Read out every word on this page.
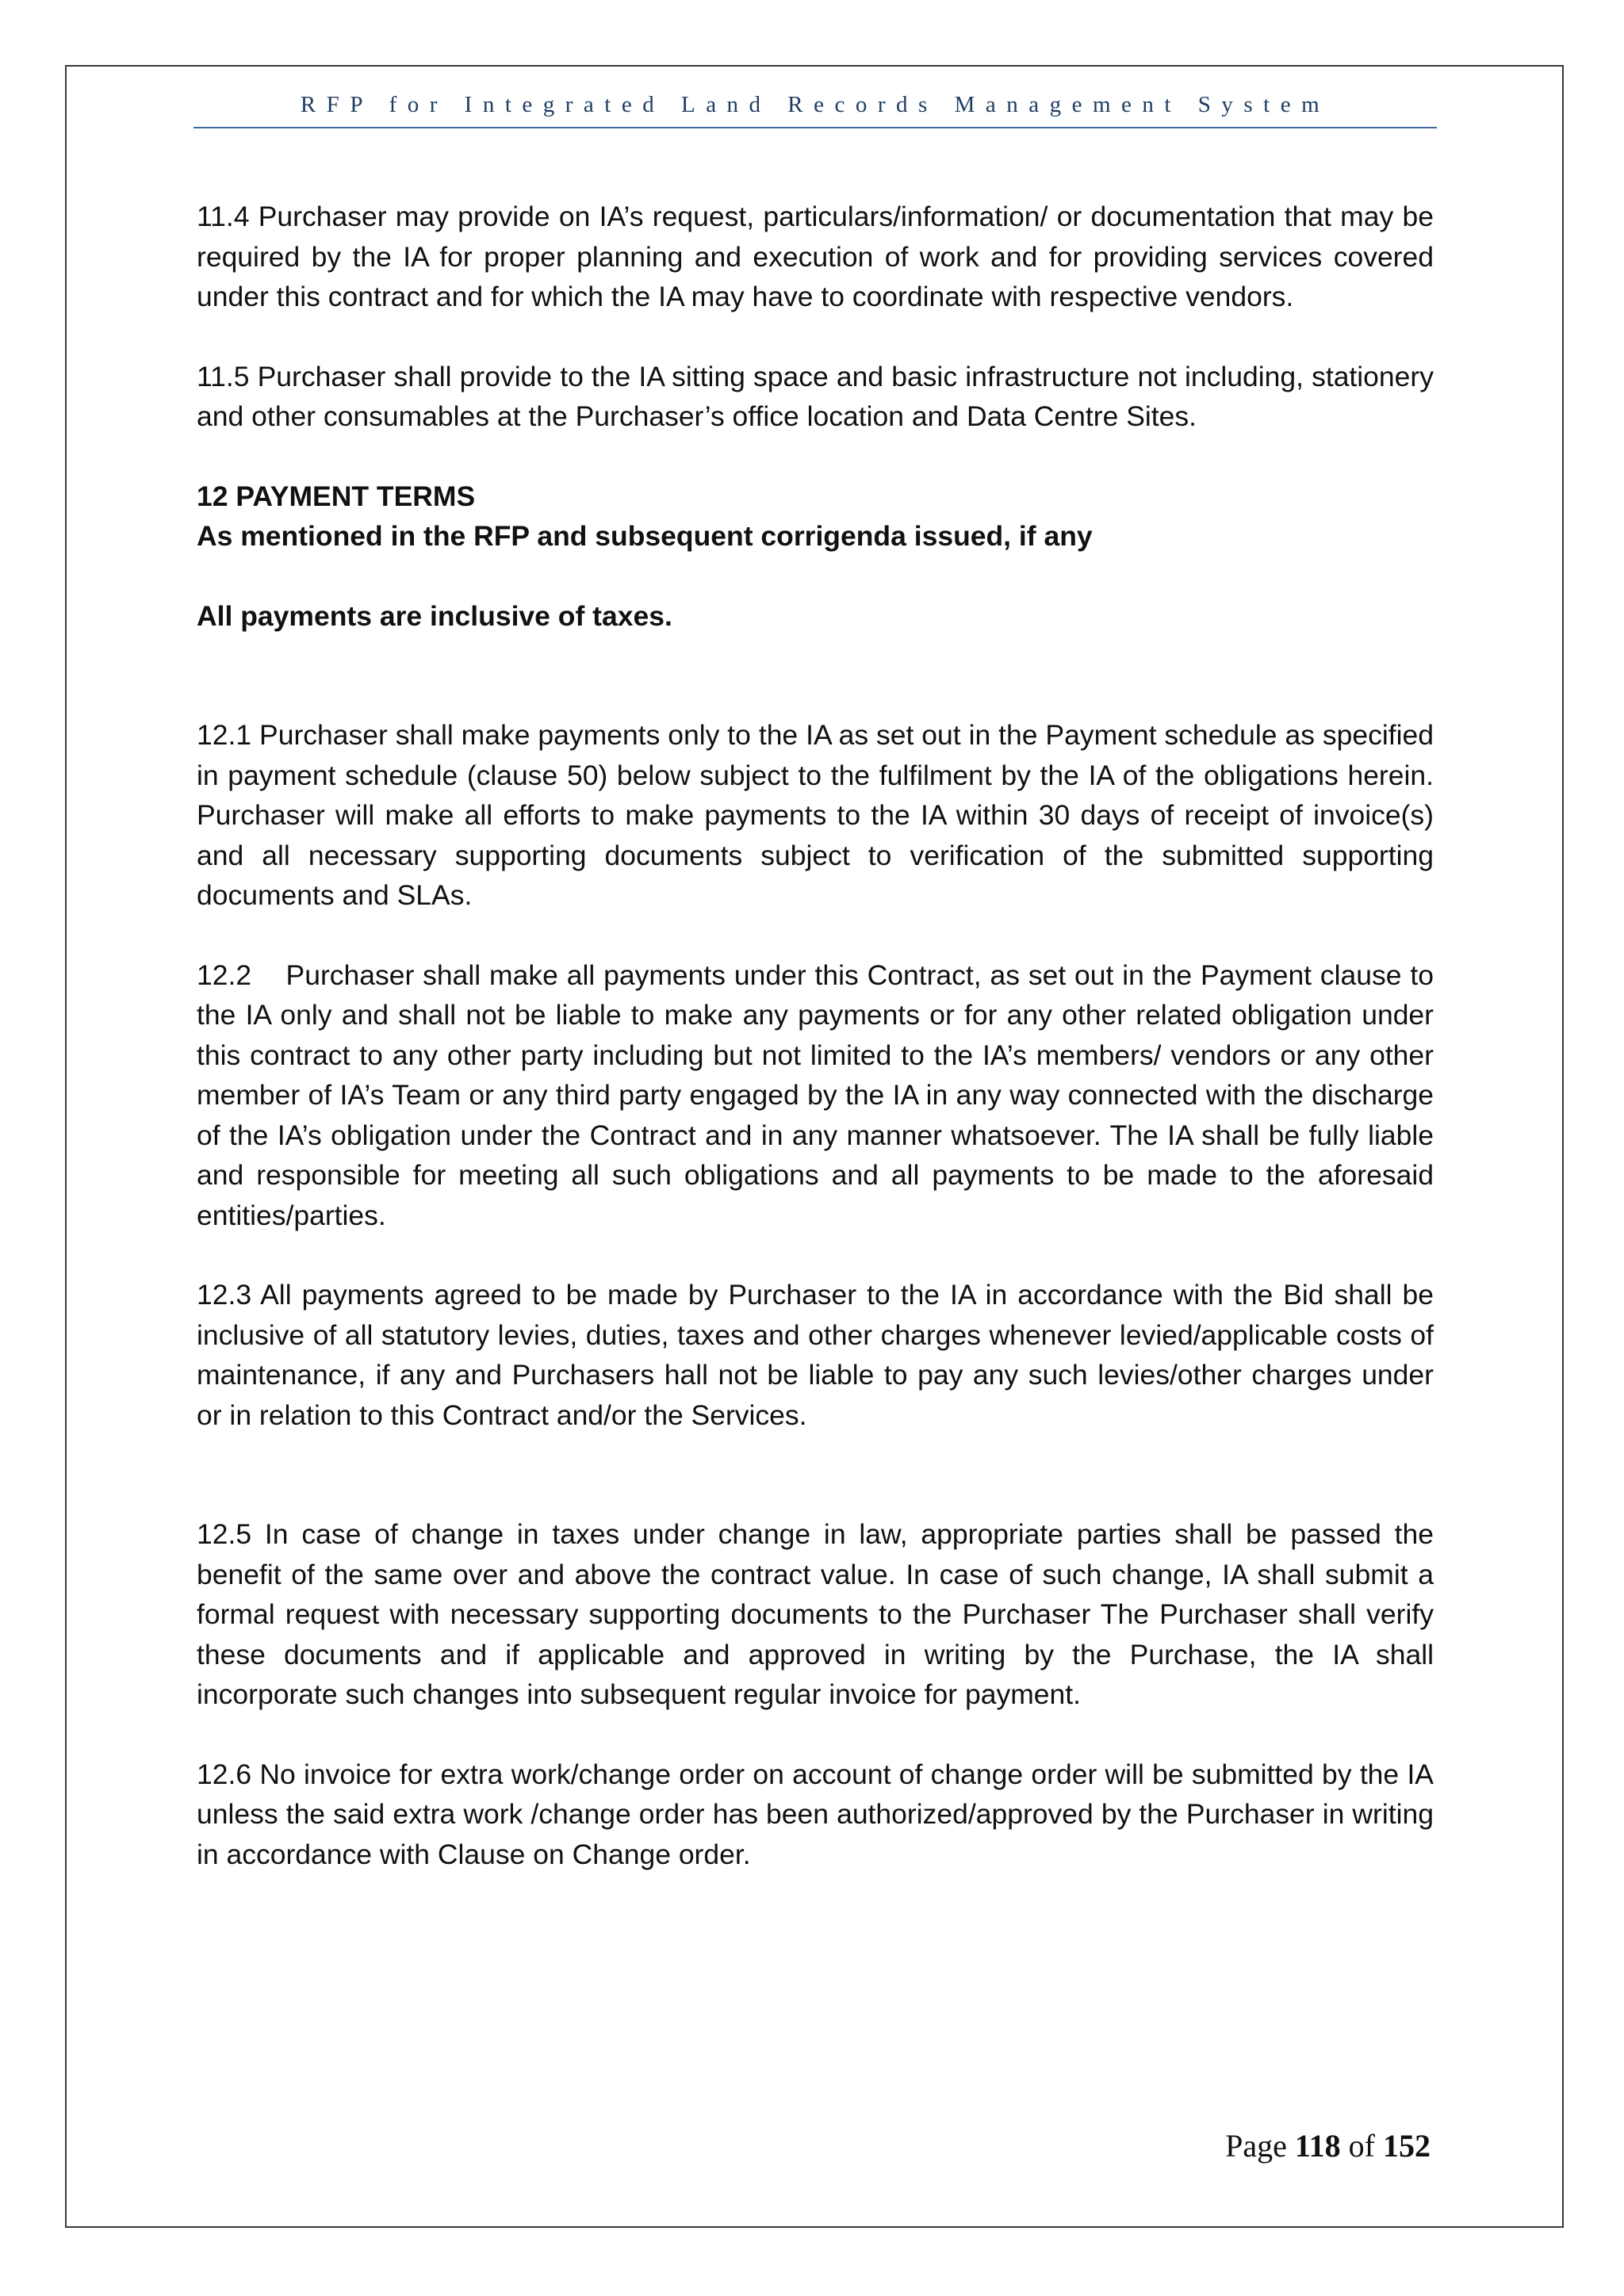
RFP for Integrated Land Records Management System

11.4 Purchaser may provide on IA’s request, particulars/information/ or documentation that may be required by the IA for proper planning and execution of work and for providing services covered under this contract and for which the IA may have to coordinate with respective vendors.

11.5 Purchaser shall provide to the IA sitting space and basic infrastructure not including, stationery and other consumables at the Purchaser’s office location and Data Centre Sites.

12 PAYMENT TERMS

As mentioned in the RFP and subsequent corrigenda issued, if any

All payments are inclusive of taxes.

12.1 Purchaser shall make payments only to the IA as set out in the Payment schedule as specified in payment schedule (clause 50) below subject to the fulfilment by the IA of the obligations herein. Purchaser will make all efforts to make payments to the IA within 30 days of receipt of invoice(s) and all necessary supporting documents subject to verification of the submitted supporting documents and SLAs.

12.2    Purchaser shall make all payments under this Contract, as set out in the Payment clause to the IA only and shall not be liable to make any payments or for any other related obligation under this contract to any other party including but not limited to the IA’s members/ vendors or any other member of IA’s Team or any third party engaged by the IA in any way connected with the discharge of the IA’s obligation under the Contract and in any manner whatsoever. The IA shall be fully liable and responsible for meeting all such obligations and all payments to be made to the aforesaid entities/parties.

12.3 All payments agreed to be made by Purchaser to the IA in accordance with the Bid shall be inclusive of all statutory levies, duties, taxes and other charges whenever levied/applicable costs of maintenance, if any and Purchasers hall not be liable to pay any such levies/other charges under or in relation to this Contract and/or the Services.

12.5 In case of change in taxes under change in law, appropriate parties shall be passed the benefit of the same over and above the contract value. In case of such change, IA shall submit a formal request with necessary supporting documents to the Purchaser The Purchaser shall verify these documents and if applicable and approved in writing by the Purchase, the IA shall incorporate such changes into subsequent regular invoice for payment.

12.6 No invoice for extra work/change order on account of change order will be submitted by the IA unless the said extra work /change order has been authorized/approved by the Purchaser in writing in accordance with Clause on Change order.

Page 118 of 152
